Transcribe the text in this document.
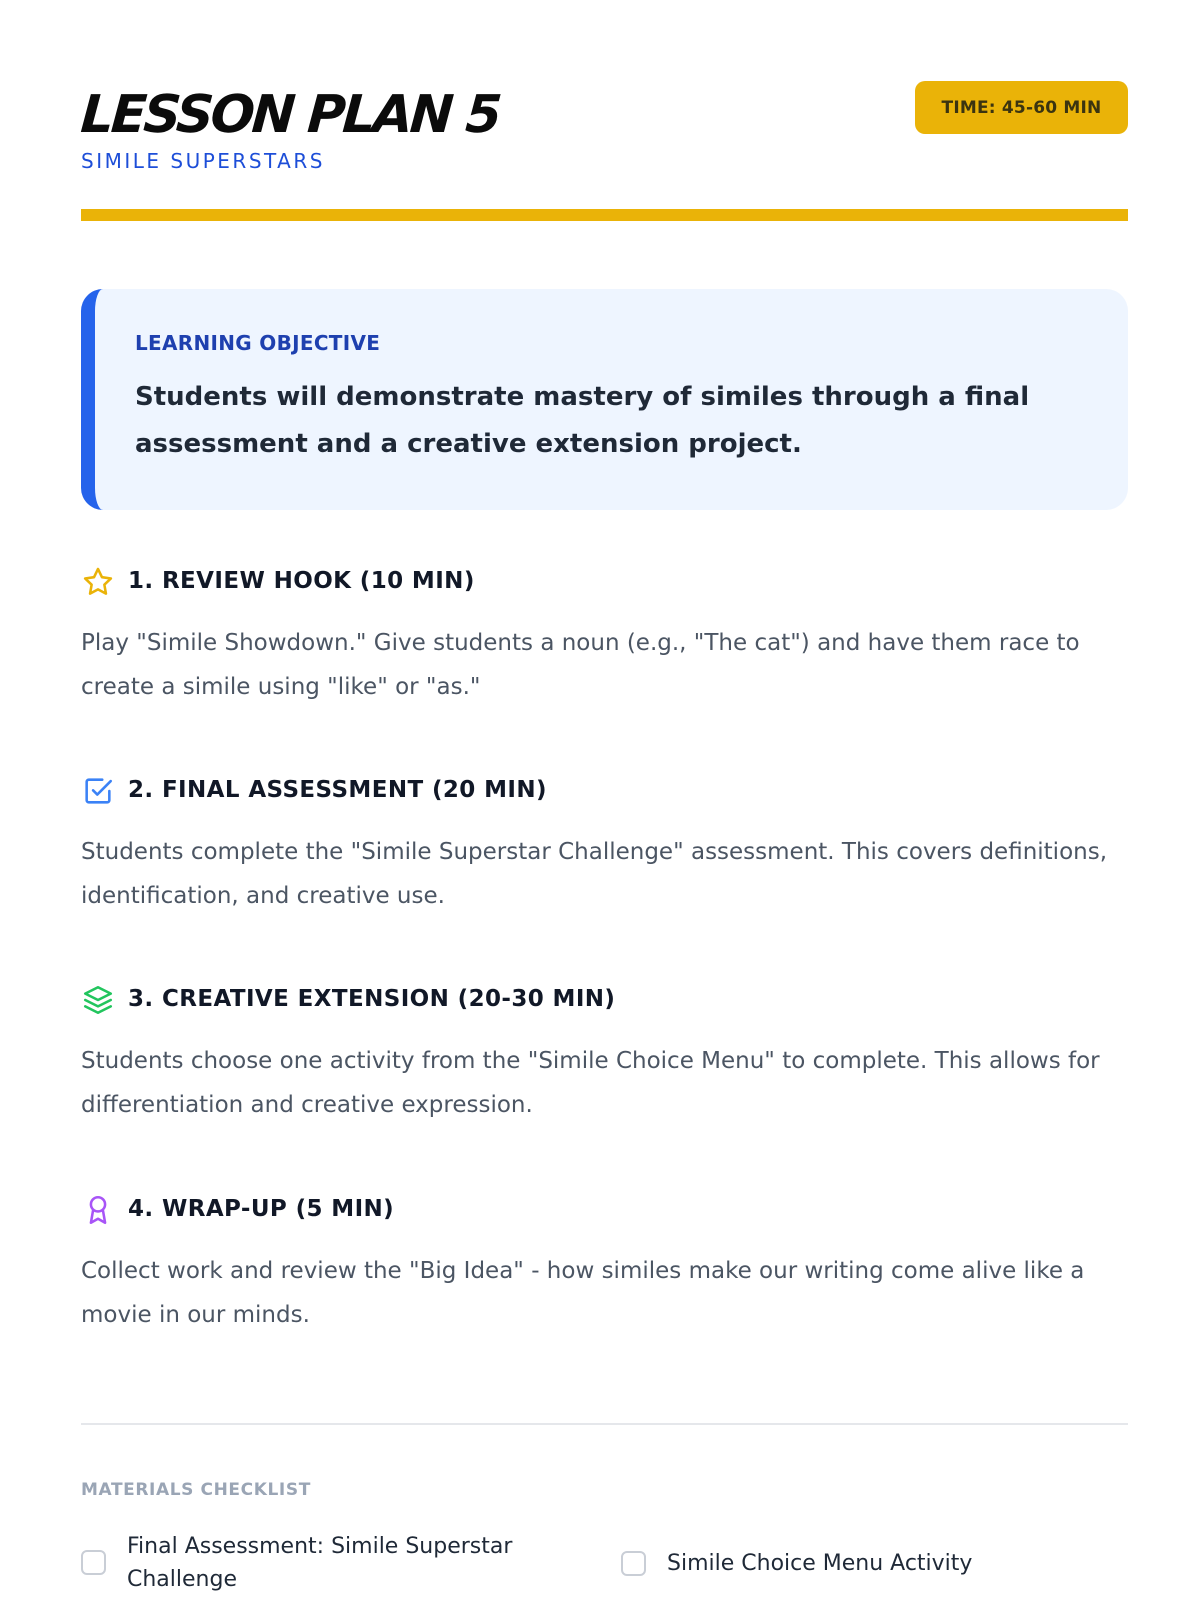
LESSON PLAN 5
SIMILE SUPERSTARS
TIME: 45-60 MIN
LEARNING OBJECTIVE
Students will demonstrate mastery of similes through a final assessment and a creative extension project.
1. REVIEW HOOK (10 MIN)
Play "Simile Showdown." Give students a noun (e.g., "The cat") and have them race to create a simile using "like" or "as."
2. FINAL ASSESSMENT (20 MIN)
Students complete the "Simile Superstar Challenge" assessment. This covers definitions, identification, and creative use.
3. CREATIVE EXTENSION (20-30 MIN)
Students choose one activity from the "Simile Choice Menu" to complete. This allows for differentiation and creative expression.
4. WRAP-UP (5 MIN)
Collect work and review the "Big Idea" - how similes make our writing come alive like a movie in our minds.
MATERIALS CHECKLIST
Final Assessment: Simile Superstar Challenge
Simile Choice Menu Activity
